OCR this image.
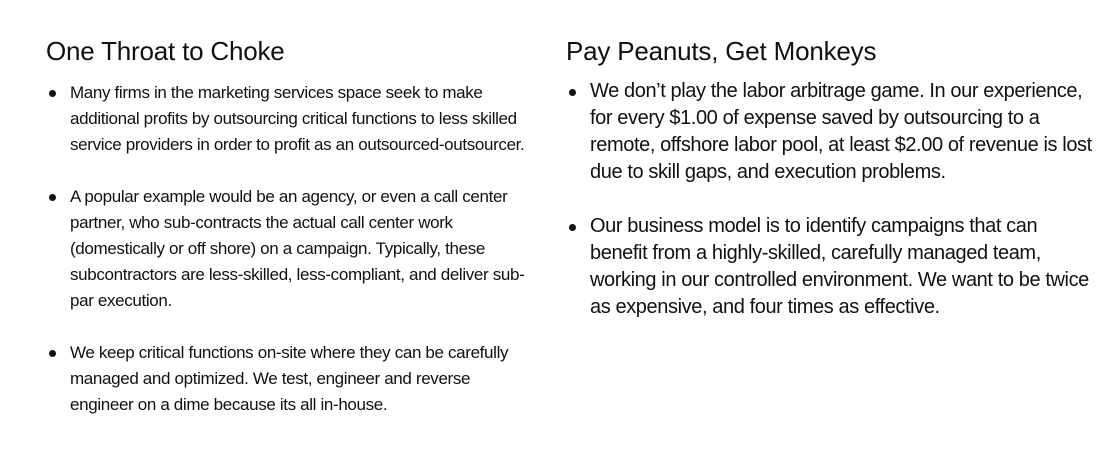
One Throat to Choke
Many firms in the marketing services space seek to make additional profits by outsourcing critical functions to less skilled service providers in order to profit as an outsourced-outsourcer.
A popular example would be an agency, or even a call center partner, who sub-contracts the actual call center work (domestically or off shore) on a campaign. Typically, these subcontractors are less-skilled, less-compliant, and deliver sub-par execution.
We keep critical functions on-site where they can be carefully managed and optimized. We test, engineer and reverse engineer on a dime because its all in-house.
Pay Peanuts, Get Monkeys
We don’t play the labor arbitrage game. In our experience, for every $1.00 of expense saved by outsourcing to a remote, offshore labor pool, at least $2.00 of revenue is lost due to skill gaps, and execution problems.
Our business model is to identify campaigns that can benefit from a highly-skilled, carefully managed team, working in our controlled environment. We want to be twice as expensive, and four times as effective.
